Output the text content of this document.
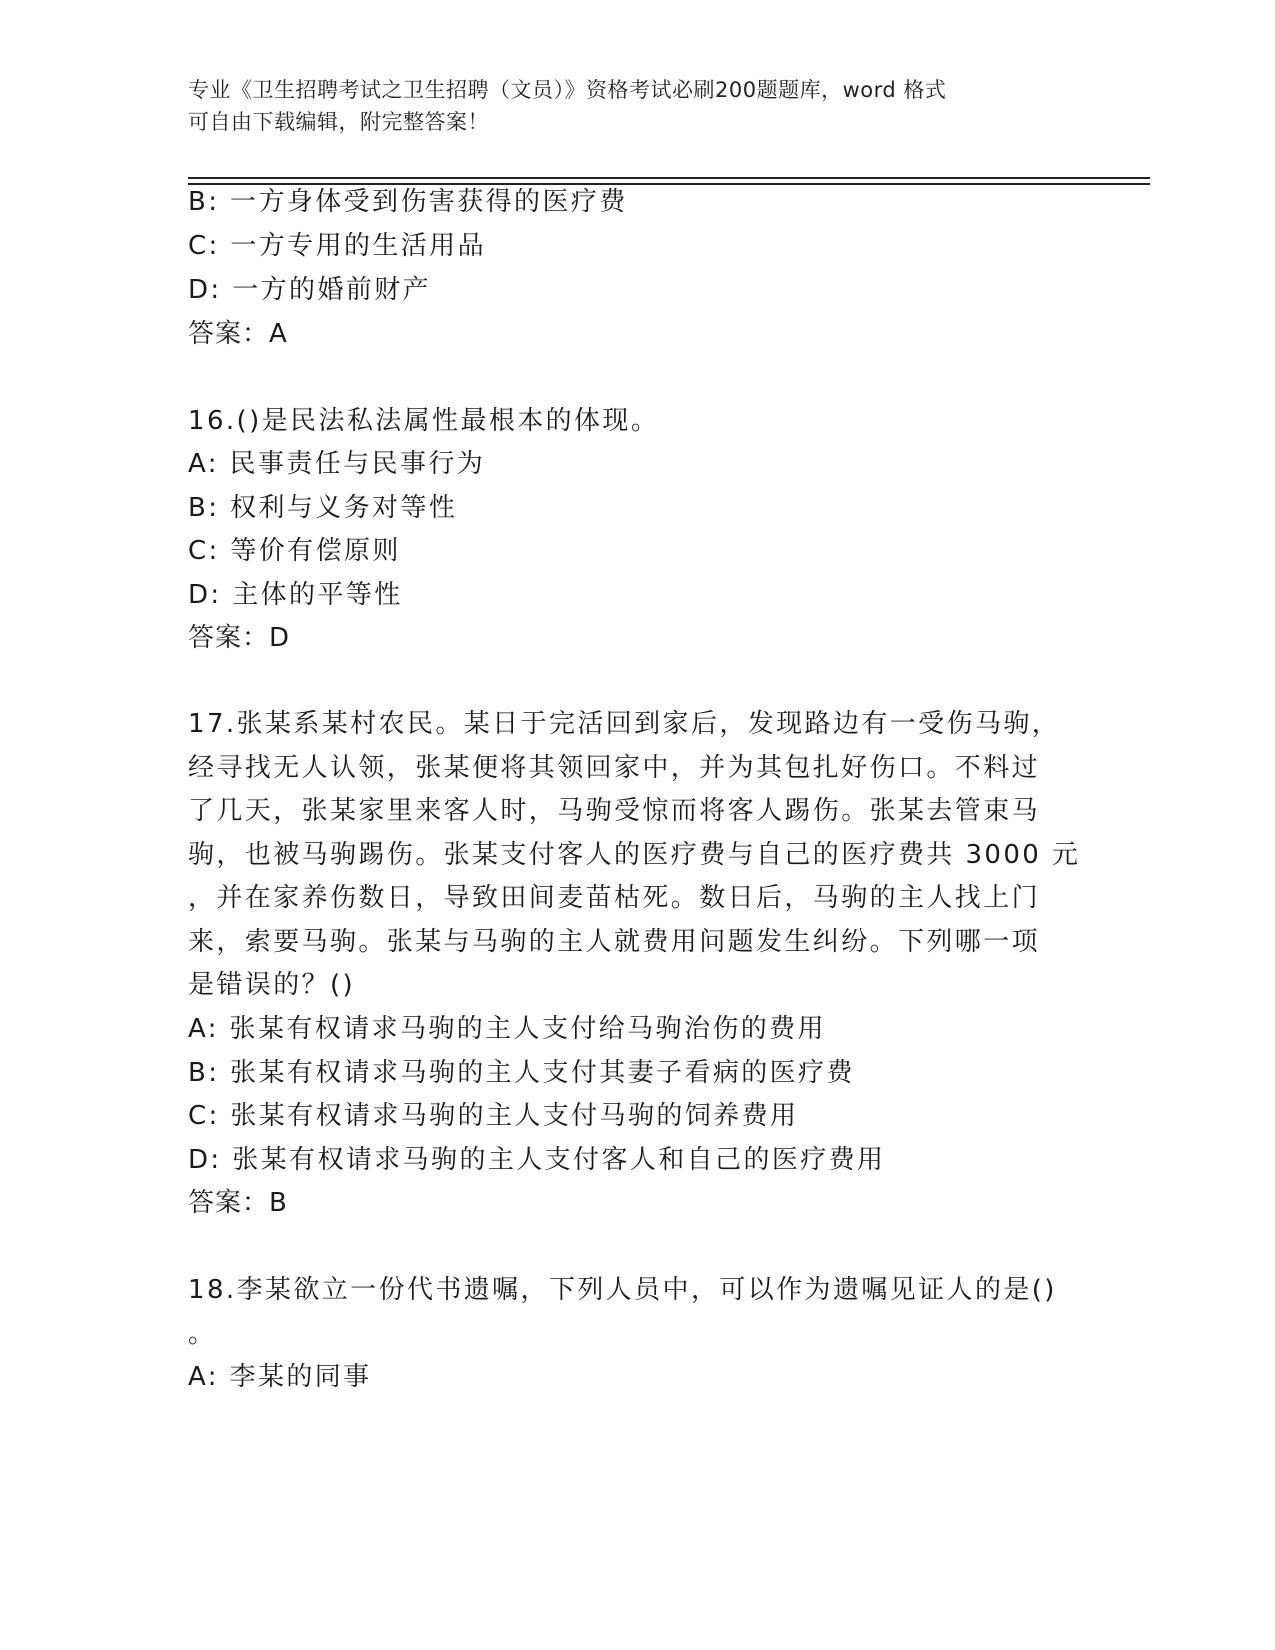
专业《卫生招聘考试之卫生招聘（文员）》资格考试必刷200题题库，word 格式
可自由下载编辑，附完整答案！
B: 一方身体受到伤害获得的医疗费
C: 一方专用的生活用品
D: 一方的婚前财产
答案：A
16.()是民法私法属性最根本的体现。
A: 民事责任与民事行为
B: 权利与义务对等性
C: 等价有偿原则
D: 主体的平等性
答案：D
17.张某系某村农民。某日于完活回到家后，发现路边有一受伤马驹，
经寻找无人认领，张某便将其领回家中，并为其包扎好伤口。不料过
了几天，张某家里来客人时，马驹受惊而将客人踢伤。张某去管束马
驹，也被马驹踢伤。张某支付客人的医疗费与自己的医疗费共 3000 元
，并在家养伤数日，导致田间麦苗枯死。数日后，马驹的主人找上门
来，索要马驹。张某与马驹的主人就费用问题发生纠纷。下列哪一项
是错误的？()
A: 张某有权请求马驹的主人支付给马驹治伤的费用
B: 张某有权请求马驹的主人支付其妻子看病的医疗费
C: 张某有权请求马驹的主人支付马驹的饲养费用
D: 张某有权请求马驹的主人支付客人和自己的医疗费用
答案：B
18.李某欲立一份代书遗嘱，下列人员中，可以作为遗嘱见证人的是()
。
A: 李某的同事
